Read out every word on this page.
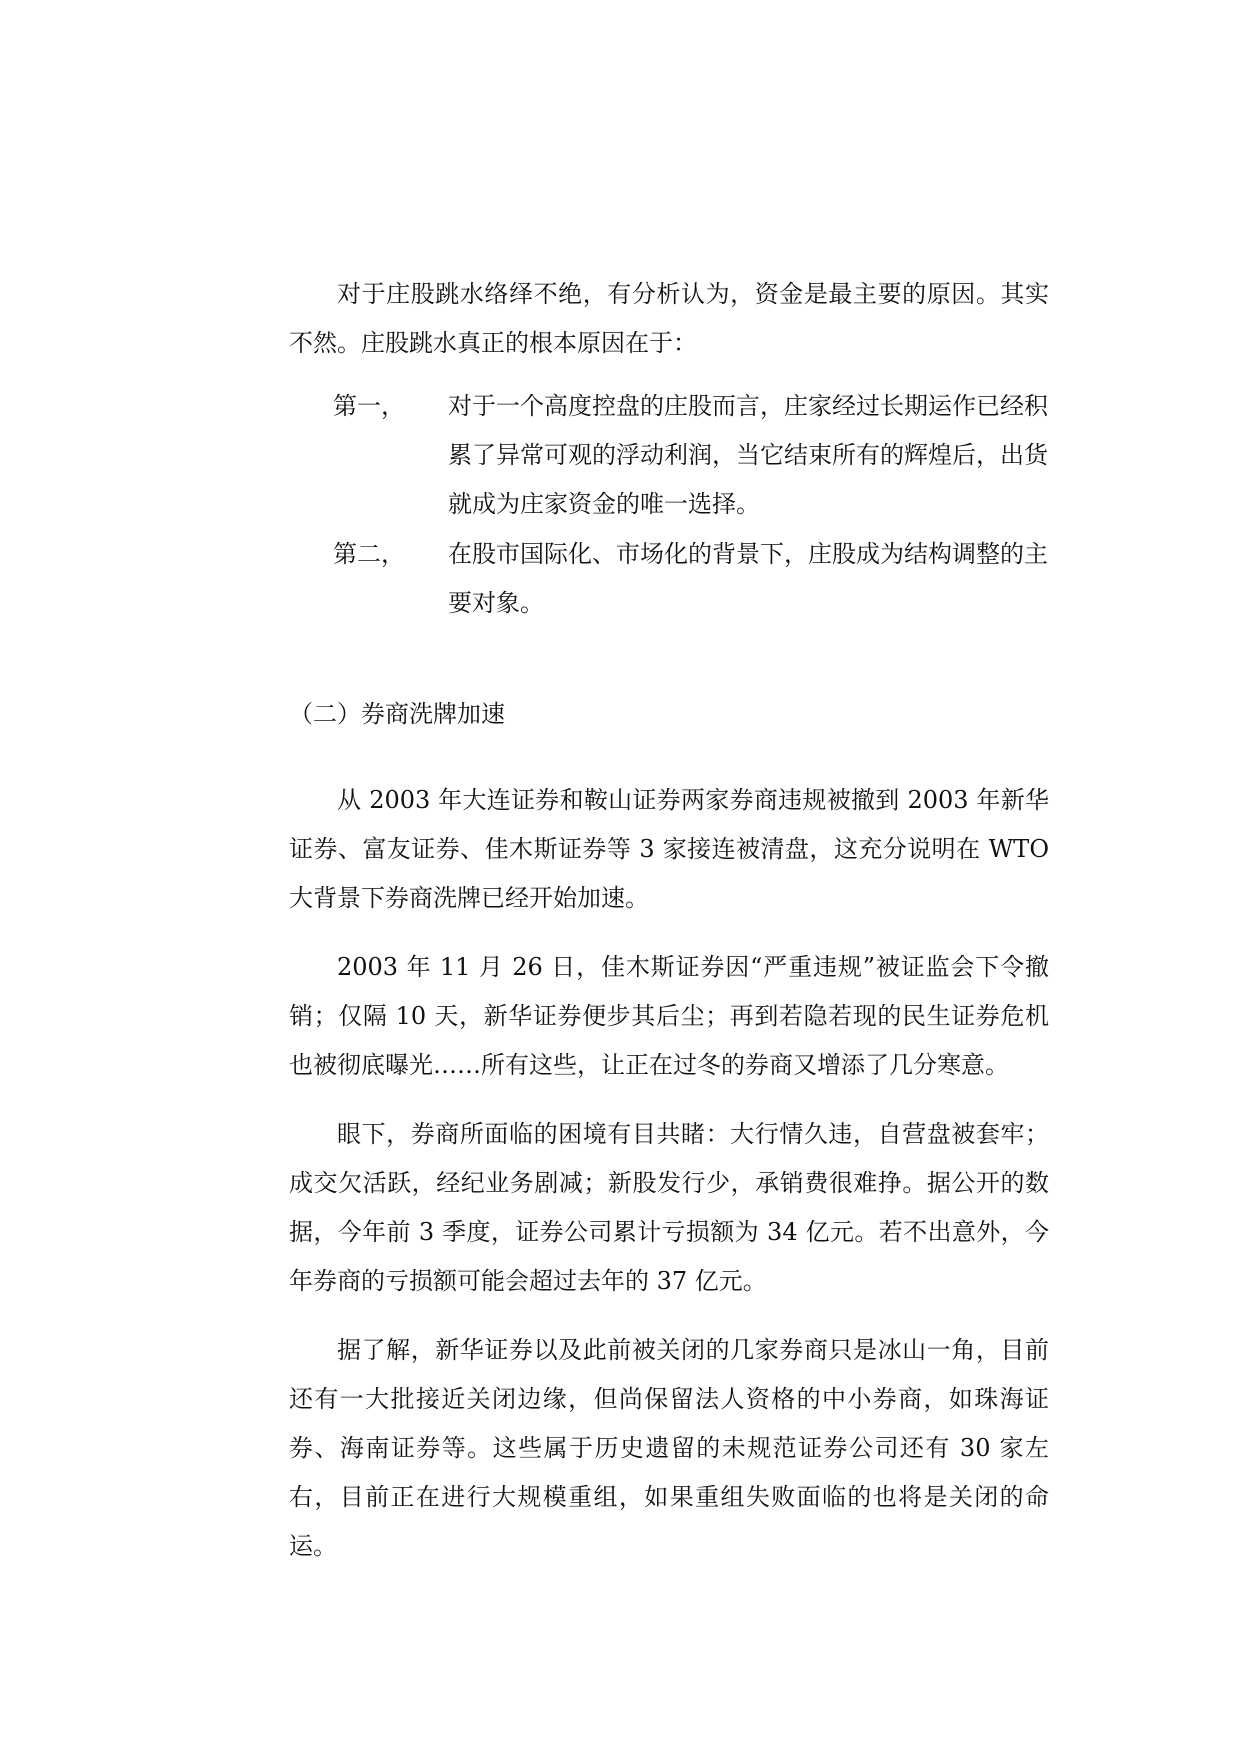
对于庄股跳水络绎不绝，有分析认为，资金是最主要的原因。其实不然。庄股跳水真正的根本原因在于：

第一， 对于一个高度控盘的庄股而言，庄家经过长期运作已经积累了异常可观的浮动利润，当它结束所有的辉煌后，出货就成为庄家资金的唯一选择。

第二， 在股市国际化、市场化的背景下，庄股成为结构调整的主要对象。

（二）券商洗牌加速

从 2003 年大连证券和鞍山证券两家券商违规被撤到 2003 年新华证券、富友证券、佳木斯证券等 3 家接连被清盘，这充分说明在 WTO 大背景下券商洗牌已经开始加速。

2003 年 11 月 26 日，佳木斯证券因“严重违规”被证监会下令撤销；仅隔 10 天，新华证券便步其后尘；再到若隐若现的民生证券危机也被彻底曝光……所有这些，让正在过冬的券商又增添了几分寒意。

眼下，券商所面临的困境有目共睹：大行情久违，自营盘被套牢；成交欠活跃，经纪业务剧减；新股发行少，承销费很难挣。据公开的数据，今年前 3 季度，证券公司累计亏损额为 34 亿元。若不出意外，今年券商的亏损额可能会超过去年的 37 亿元。

据了解，新华证券以及此前被关闭的几家券商只是冰山一角，目前还有一大批接近关闭边缘，但尚保留法人资格的中小券商，如珠海证券、海南证券等。这些属于历史遗留的未规范证券公司还有 30 家左右，目前正在进行大规模重组，如果重组失败面临的也将是关闭的命运。
